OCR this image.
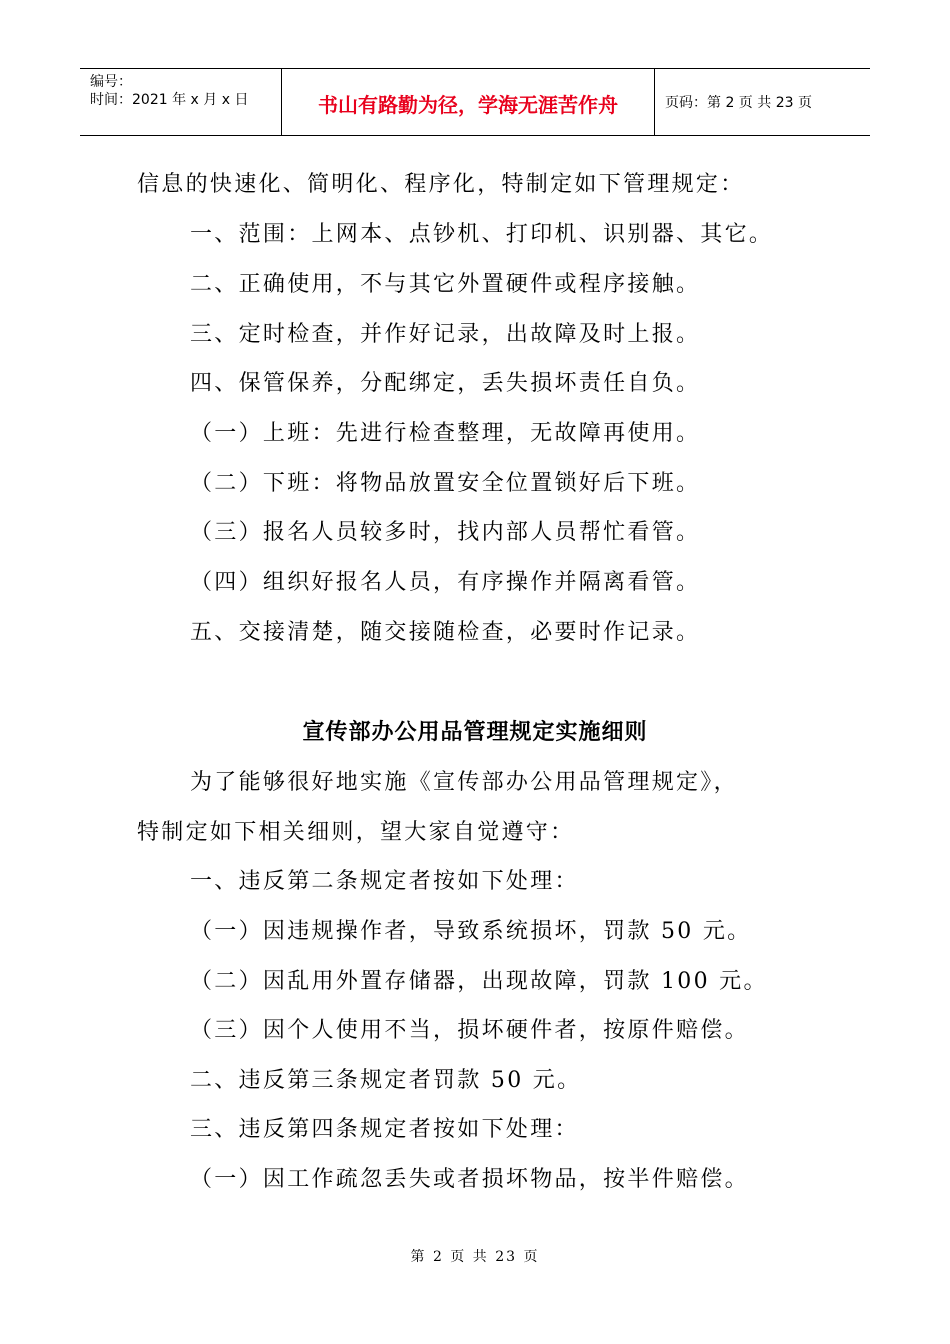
编号：
时间：2021 年 x 月 x 日	书山有路勤为径，学海无涯苦作舟	页码：第 2 页 共 23 页
信息的快速化、简明化、程序化，特制定如下管理规定：
一、范围：上网本、点钞机、打印机、识别器、其它。
二、正确使用，不与其它外置硬件或程序接触。
三、定时检查，并作好记录，出故障及时上报。
四、保管保养，分配绑定，丢失损坏责任自负。
（一）上班：先进行检查整理，无故障再使用。
（二）下班：将物品放置安全位置锁好后下班。
（三）报名人员较多时，找内部人员帮忙看管。
（四）组织好报名人员，有序操作并隔离看管。
五、交接清楚，随交接随检查，必要时作记录。
宣传部办公用品管理规定实施细则
为了能够很好地实施《宣传部办公用品管理规定》，
特制定如下相关细则，望大家自觉遵守：
一、违反第二条规定者按如下处理：
（一）因违规操作者，导致系统损坏，罚款 50 元。
（二）因乱用外置存储器，出现故障，罚款 100 元。
（三）因个人使用不当，损坏硬件者，按原件赔偿。
二、违反第三条规定者罚款 50 元。
三、违反第四条规定者按如下处理：
（一）因工作疏忽丢失或者损坏物品，按半件赔偿。
第 2 页 共 23 页
